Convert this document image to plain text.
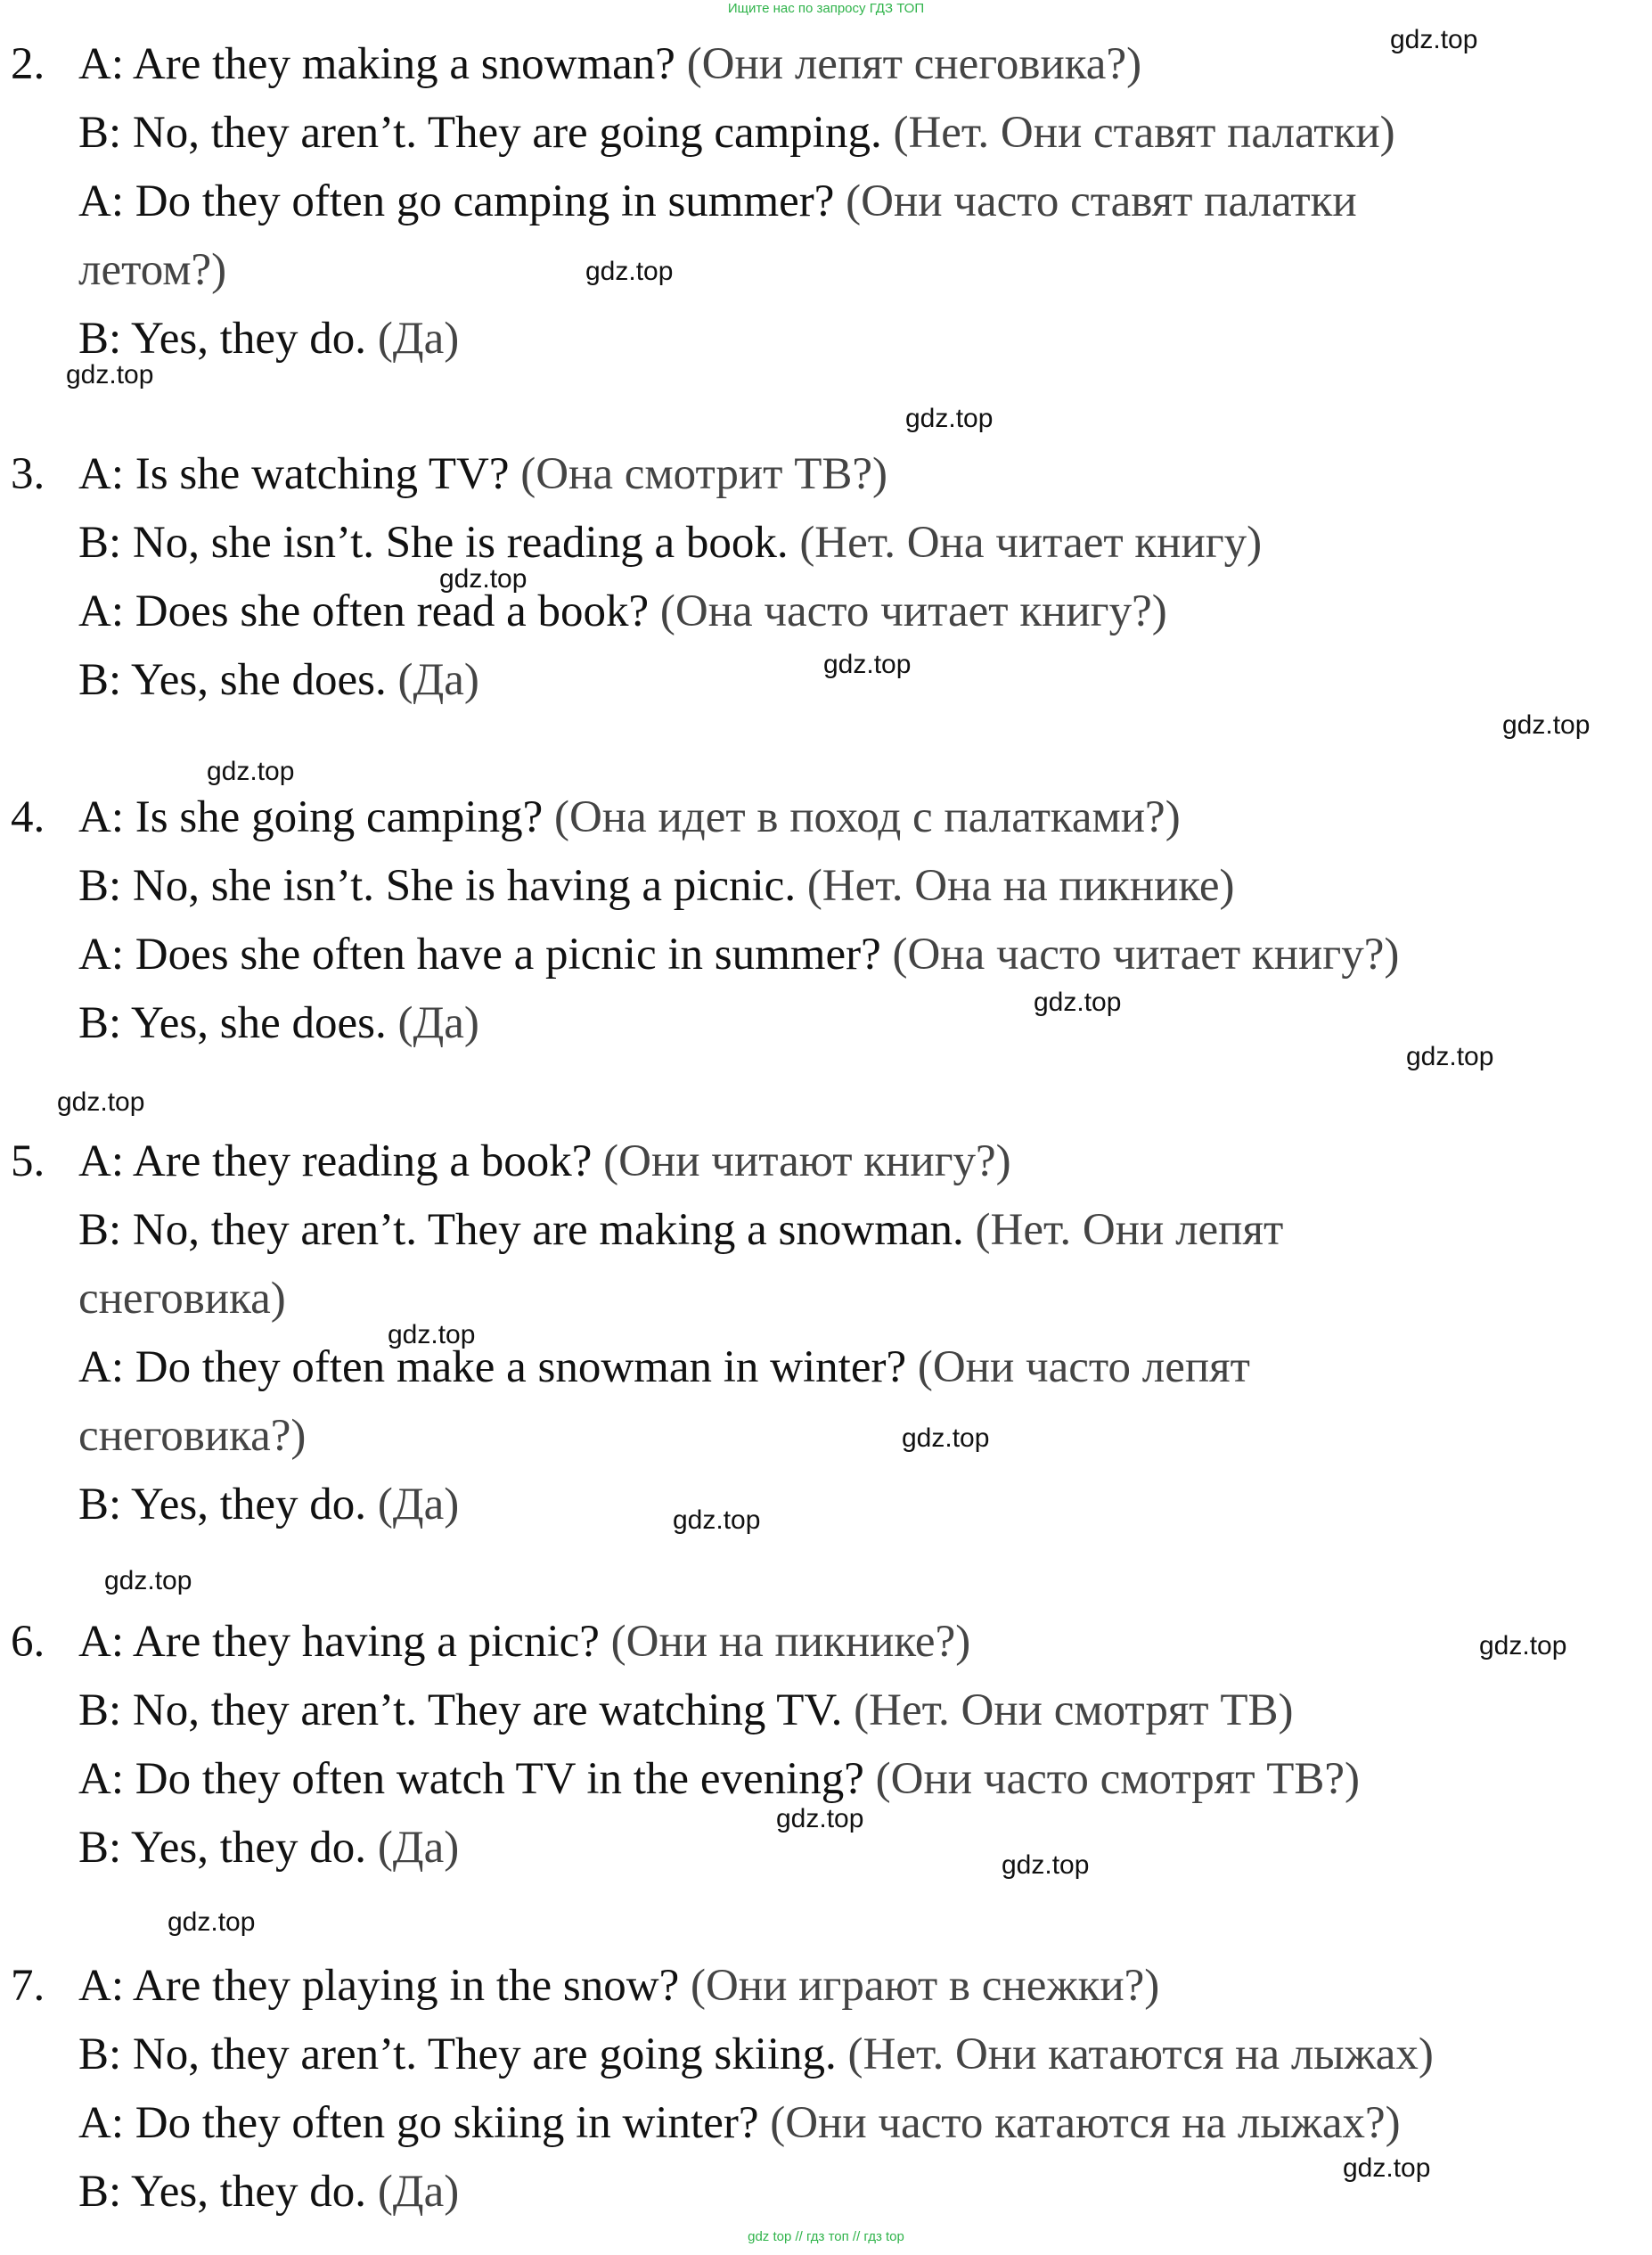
Ищите нас по запросу ГДЗ ТОП
2. A: Are they making a snowman? (Они лепят снеговика?)
B: No, they aren’t. They are going camping. (Нет. Они ставят палатки)
A: Do they often go camping in summer? (Они часто ставят палатки
летом?)
B: Yes, they do. (Да)
3. A: Is she watching TV? (Она смотрит ТВ?)
B: No, she isn’t. She is reading a book. (Нет. Она читает книгу)
A: Does she often read a book? (Она часто читает книгу?)
B: Yes, she does. (Да)
4. A: Is she going camping? (Она идет в поход с палатками?)
B: No, she isn’t. She is having a picnic. (Нет. Она на пикнике)
A: Does she often have a picnic in summer? (Она часто читает книгу?)
B: Yes, she does. (Да)
5. A: Are they reading a book? (Они читают книгу?)
B: No, they aren’t. They are making a snowman. (Нет. Они лепят
снеговика)
A: Do they often make a snowman in winter? (Они часто лепят
снеговика?)
B: Yes, they do. (Да)
6. A: Are they having a picnic? (Они на пикнике?)
B: No, they aren’t. They are watching TV. (Нет. Они смотрят ТВ)
A: Do they often watch TV in the evening? (Они часто смотрят ТВ?)
B: Yes, they do. (Да)
7. A: Are they playing in the snow? (Они играют в снежки?)
B: No, they aren’t. They are going skiing. (Нет. Они катаются на лыжах)
A: Do they often go skiing in winter? (Они часто катаются на лыжах?)
B: Yes, they do. (Да)
gdz.top
gdz.top
gdz.top
gdz.top
gdz.top
gdz.top
gdz.top
gdz.top
gdz.top
gdz.top
gdz.top
gdz.top
gdz.top
gdz.top
gdz.top
gdz.top
gdz.top
gdz.top
gdz.top
gdz.top
gdz top // гдз топ // гдз top
